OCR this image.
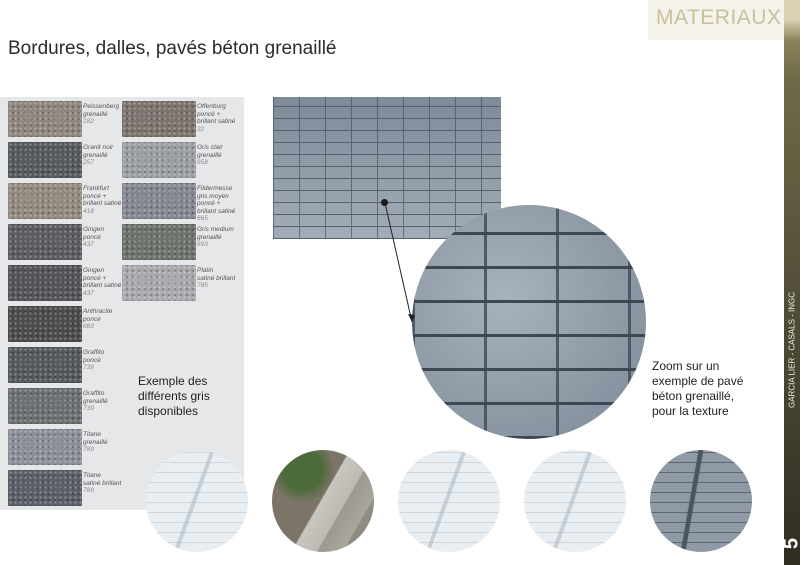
MATERIAUX
GARCIA LIER - CASALS - INGC
5
Bordures, dalles, pavés béton grenaillé
Peissenberg
grenaillé
182
Granit noir
grenaillé
257
Frankfurt
poncé +
brillant satiné
418
Gingen
poncé
437
Gingen
poncé +
brillant satiné
437
Anthracite
poncé
683
Graffito
poncé
739
Graffito
grenaillé
739
Titane
grenaillé
789
Titane
satiné brillant
789
Offenburg
poncé +
brillant satiné
32
Gris clair
grenaillé
658
Fildermesse
gris moyen
poncé +
brillant satiné
665
Gris medium
grenaillé
693
Platin
satiné brillant
785
Exemple des
différents gris
disponibles
Zoom sur un
exemple de pavé
béton grenaillé,
pour la texture
